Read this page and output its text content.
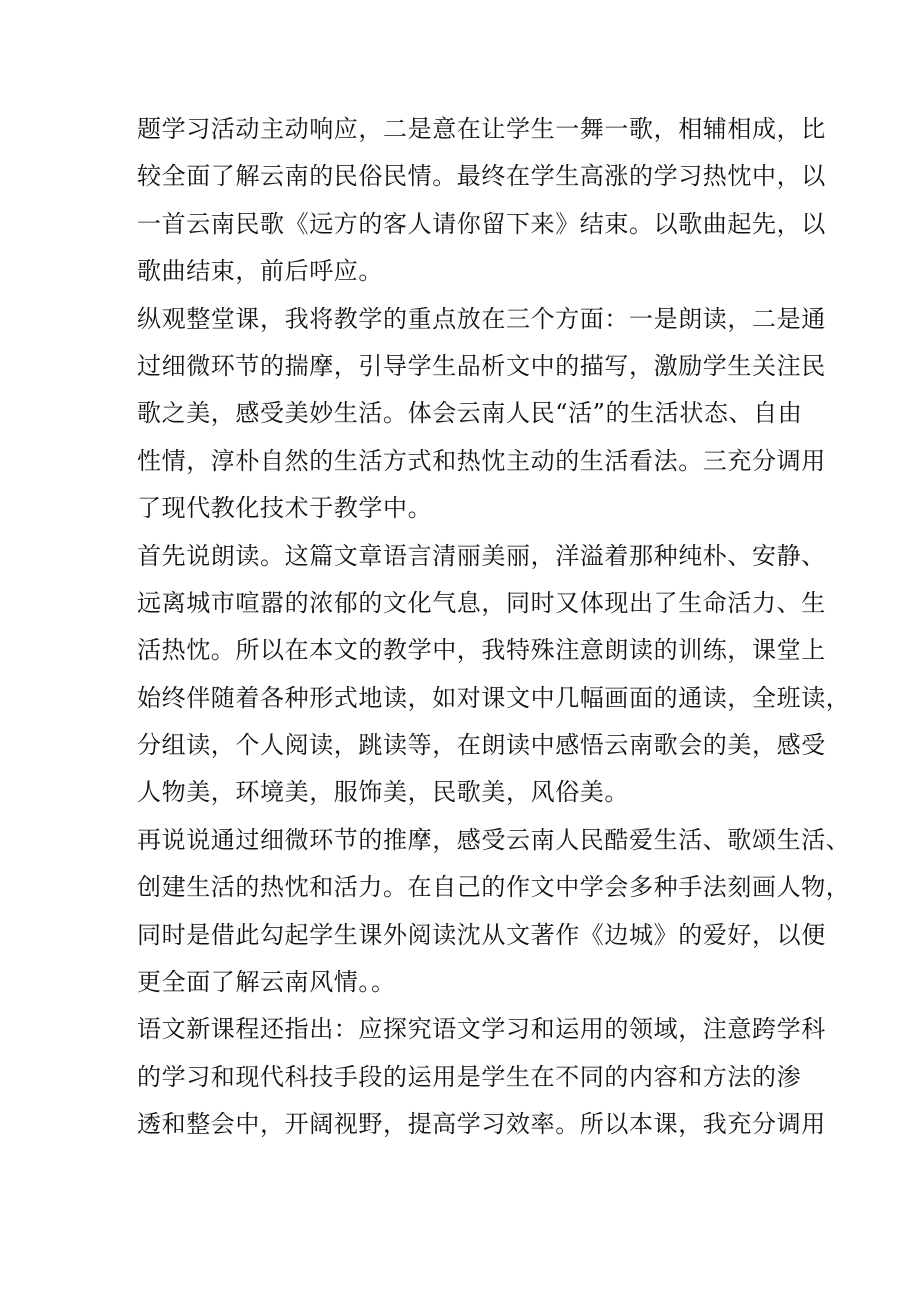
题学习活动主动响应，二是意在让学生一舞一歌，相辅相成，比
较全面了解云南的民俗民情。最终在学生高涨的学习热忱中，以
一首云南民歌《远方的客人请你留下来》结束。以歌曲起先，以
歌曲结束，前后呼应。
纵观整堂课，我将教学的重点放在三个方面：一是朗读，二是通
过细微环节的揣摩，引导学生品析文中的描写，激励学生关注民
歌之美，感受美妙生活。体会云南人民“活”的生活状态、自由
性情，淳朴自然的生活方式和热忱主动的生活看法。三充分调用
了现代教化技术于教学中。
首先说朗读。这篇文章语言清丽美丽，洋溢着那种纯朴、安静、
远离城市喧嚣的浓郁的文化气息，同时又体现出了生命活力、生
活热忱。所以在本文的教学中，我特殊注意朗读的训练，课堂上
始终伴随着各种形式地读，如对课文中几幅画面的通读，全班读，
分组读，个人阅读，跳读等，在朗读中感悟云南歌会的美，感受
人物美，环境美，服饰美，民歌美，风俗美。
再说说通过细微环节的推摩，感受云南人民酷爱生活、歌颂生活、
创建生活的热忱和活力。在自己的作文中学会多种手法刻画人物，
同时是借此勾起学生课外阅读沈从文著作《边城》的爱好，以便
更全面了解云南风情。。
语文新课程还指出：应探究语文学习和运用的领域，注意跨学科
的学习和现代科技手段的运用是学生在不同的内容和方法的渗
透和整会中，开阔视野，提高学习效率。所以本课，我充分调用
